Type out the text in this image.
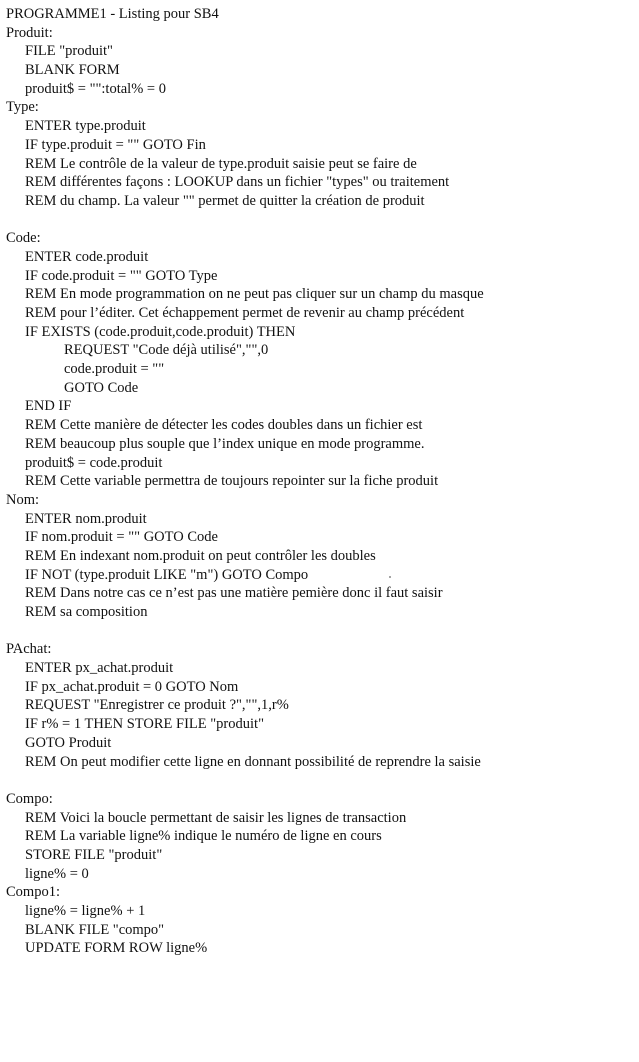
PROGRAMME1 - Listing pour SB4
Produit:
FILE "produit"
BLANK FORM
produit$ = "":total% = 0
Type:
ENTER type.produit
IF type.produit = "" GOTO Fin
REM Le contrôle de la valeur de type.produit saisie peut se faire de
REM différentes façons : LOOKUP dans un fichier "types" ou traitement
REM du champ. La valeur "" permet de quitter la création de produit
Code:
ENTER code.produit
IF code.produit = "" GOTO Type
REM En mode programmation on ne peut pas cliquer sur un champ du masque
REM pour l’éditer. Cet échappement permet de revenir au champ précédent
IF EXISTS (code.produit,code.produit) THEN
REQUEST "Code déjà utilisé","",0
code.produit = ""
GOTO Code
END IF
REM Cette manière de détecter les codes doubles dans un fichier est
REM beaucoup plus souple que l’index unique en mode programme.
produit$ = code.produit
REM Cette variable permettra de toujours repointer sur la fiche produit
Nom:
ENTER nom.produit
IF nom.produit = "" GOTO Code
REM En indexant nom.produit on peut contrôler les doubles
IF NOT (type.produit LIKE "m") GOTO Compo
REM Dans notre cas ce n’est pas une matière pemière donc il faut saisir
REM sa composition
PAchat:
ENTER px_achat.produit
IF px_achat.produit = 0 GOTO Nom
REQUEST "Enregistrer ce produit ?","",1,r%
IF r% = 1 THEN STORE FILE "produit"
GOTO Produit
REM On peut modifier cette ligne en donnant possibilité de reprendre la saisie
Compo:
REM Voici la boucle permettant de saisir les lignes de transaction
REM La variable ligne% indique le numéro de ligne en cours
STORE FILE "produit"
ligne% = 0
Compo1:
ligne% = ligne% + 1
BLANK FILE "compo"
UPDATE FORM ROW ligne%
